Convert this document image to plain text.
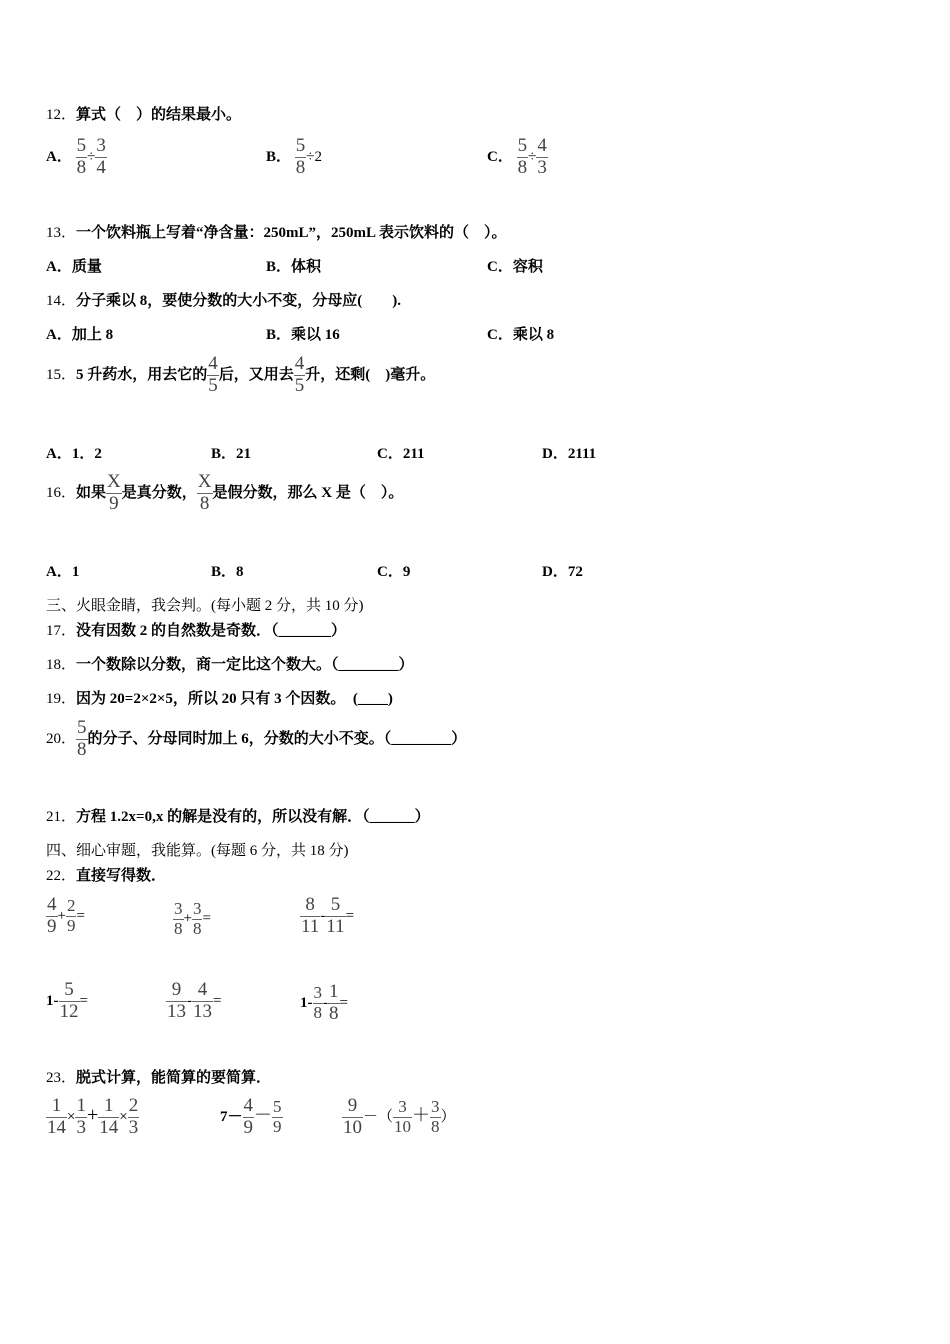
12．算式（　）的结果最小。
A． $\frac{5}{8} \div \frac{3}{4}$	B． $\frac{5}{8} \div 2$	C． $\frac{5}{8} \div \frac{4}{3}$
13．一个饮料瓶上写着“净含量：250mL”，250mL 表示饮料的（　）。
A．质量	B．体积	C．容积
14．分子乘以 8，要使分数的大小不变，分母应(　　).
A．加上 8	B．乘以 16	C．乘以 8
15．5 升药水，用去它的 $\frac{4}{5}$ 后，又用去 $\frac{4}{5}$ 升，还剩(　)毫升。
A．1．2	B．21	C．211	D．2111
16．如果 $\frac{X}{9}$ 是真分数， $\frac{X}{8}$ 是假分数，那么 X 是（　）。
A．1	B．8	C．9	D．72
三、火眼金睛，我会判。(每小题 2 分，共 10 分)
17．没有因数 2 的自然数是奇数．（_______）
18．一个数除以分数，商一定比这个数大。（________）
19．因为 20=2×2×5，所以 20 只有 3 个因数。　(____)
20． $\frac{5}{8}$ 的分子、分母同时加上 6，分数的大小不变。（________）
21．方程 1.2x=0,x 的解是没有的，所以没有解．（______）
四、细心审题，我能算。(每题 6 分，共 18 分)
22．直接写得数．
$\frac{4}{9} + \frac{2}{9}$ =	$\frac{3}{8} + \frac{3}{8}$ =	$\frac{8}{11} - \frac{5}{11}$ =
$1- \frac{5}{12}$ =	$\frac{9}{13} - \frac{4}{13}$ =	$1- \frac{3}{8} - \frac{1}{8}$ =
23．脱式计算，能简算的要简算．
$\frac{1}{14} \times \frac{1}{3} + \frac{1}{14} \times \frac{2}{3}$	$7- \frac{4}{9} - \frac{5}{9}$	$\frac{9}{10}$ －（ $\frac{3}{10} + \frac{3}{8}$ ）
